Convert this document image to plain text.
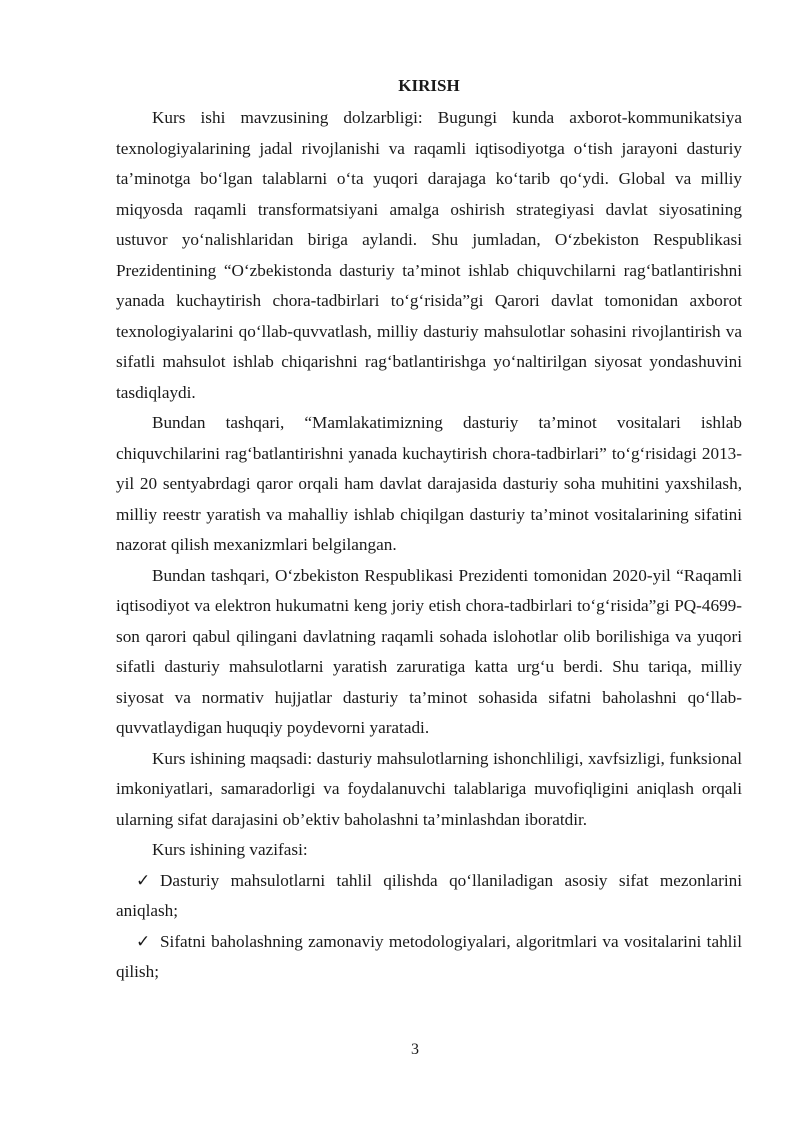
KIRISH

Kurs ishi mavzusining dolzarbligi: Bugungi kunda axborot-kommunikatsiya texnologiyalarining jadal rivojlanishi va raqamli iqtisodiyotga o‘tish jarayoni dasturiy ta’minotga bo‘lgan talablarni o‘ta yuqori darajaga ko‘tarib qo‘ydi. Global va milliy miqyosda raqamli transformatsiyani amalga oshirish strategiyasi davlat siyosatining ustuvor yo‘nalishlaridan biriga aylandi. Shu jumladan, O‘zbekiston Respublikasi Prezidentining “O‘zbekistonda dasturiy ta’minot ishlab chiquvchilarni rag‘batlantirishni yanada kuchaytirish chora-tadbirlari to‘g‘risida”gi Qarori davlat tomonidan axborot texnologiyalarini qo‘llab-quvvatlash, milliy dasturiy mahsulotlar sohasini rivojlantirish va sifatli mahsulot ishlab chiqarishni rag‘batlantirishga yo‘naltirilgan siyosat yondashuvini tasdiqlaydi.

Bundan tashqari, “Mamlakatimizning dasturiy ta’minot vositalari ishlab chiquvchilarini rag‘batlantirishni yanada kuchaytirish chora-tadbirlari” to‘g‘risidagi 2013-yil 20 sentyabrdagi qaror orqali ham davlat darajasida dasturiy soha muhitini yaxshilash, milliy reestr yaratish va mahalliy ishlab chiqilgan dasturiy ta’minot vositalarining sifatini nazorat qilish mexanizmlari belgilangan.

Bundan tashqari, O‘zbekiston Respublikasi Prezidenti tomonidan 2020-yil “Raqamli iqtisodiyot va elektron hukumatni keng joriy etish chora-tadbirlari to‘g‘risida”gi PQ-4699-son qarori qabul qilingani davlatning raqamli sohada islohotlar olib borilishiga va yuqori sifatli dasturiy mahsulotlarni yaratish zaruratiga katta urg‘u berdi. Shu tariqa, milliy siyosat va normativ hujjatlar dasturiy ta’minot sohasida sifatni baholashni qo‘llab-quvvatlaydigan huquqiy poydevorni yaratadi.

Kurs ishining maqsadi: dasturiy mahsulotlarning ishonchliligi, xavfsizligi, funksional imkoniyatlari, samaradorligi va foydalanuvchi talablariga muvofiqligini aniqlash orqali ularning sifat darajasini ob’ektiv baholashni ta’minlashdan iboratdir.

Kurs ishining vazifasi:

✓ Dasturiy mahsulotlarni tahlil qilishda qo‘llaniladigan asosiy sifat mezonlarini aniqlash;

✓ Sifatni baholashning zamonaviy metodologiyalari, algoritmlari va vositalarini tahlil qilish;

3
